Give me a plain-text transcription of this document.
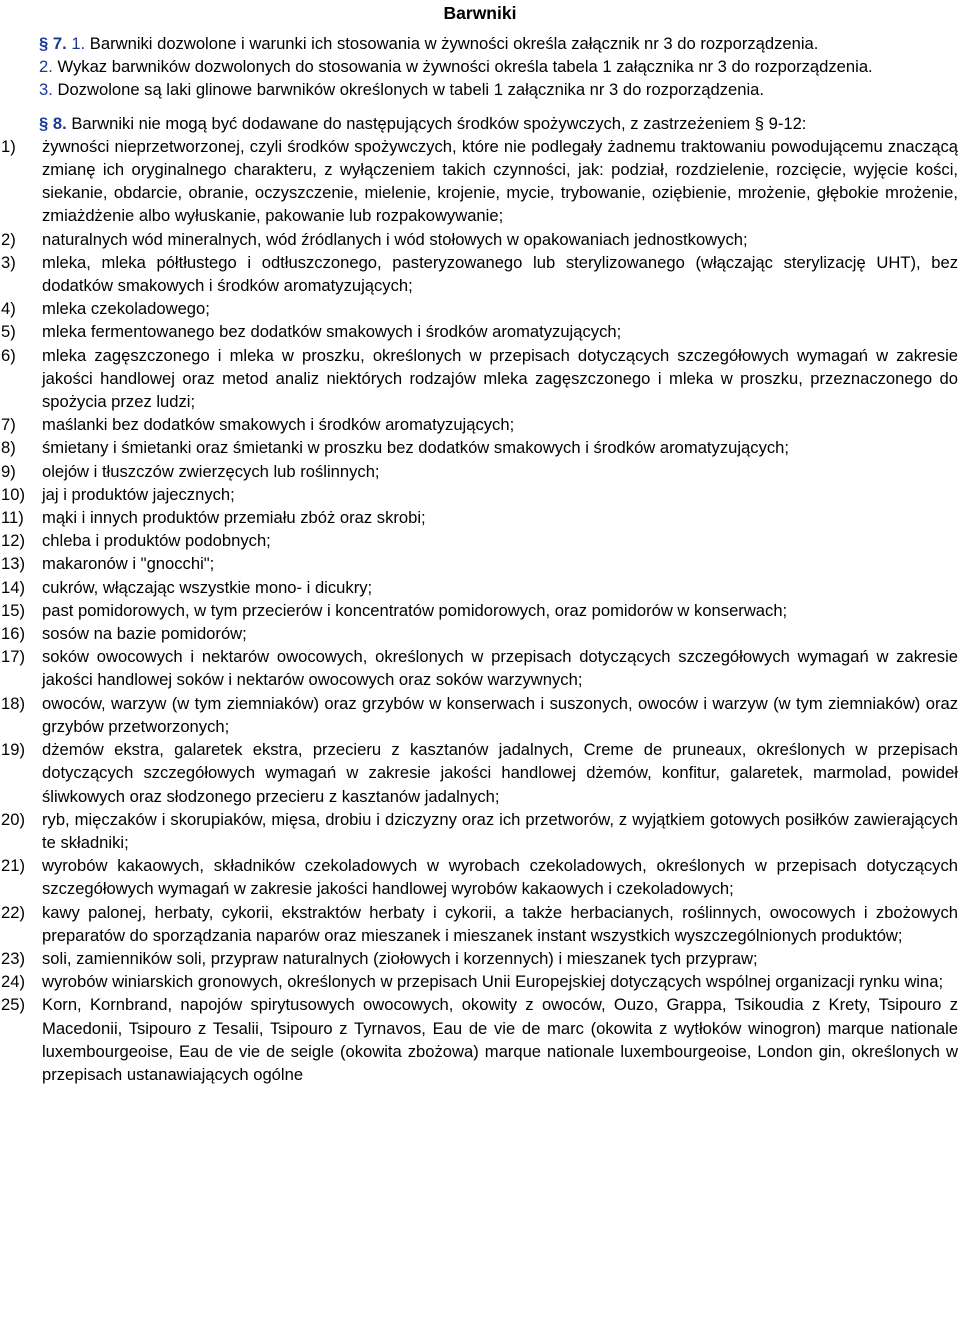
Barwniki

§ 7. 1. Barwniki dozwolone i warunki ich stosowania w żywności określa załącznik nr 3 do rozporządzenia.

2. Wykaz barwników dozwolonych do stosowania w żywności określa tabela 1 załącznika nr 3 do rozporządzenia.

3. Dozwolone są laki glinowe barwników określonych w tabeli 1 załącznika nr 3 do rozporządzenia.

§ 8. Barwniki nie mogą być dodawane do następujących środków spożywczych, z zastrzeżeniem § 9-12:

1)	żywności nieprzetworzonej, czyli środków spożywczych, które nie podlegały żadnemu traktowaniu powodującemu znaczącą zmianę ich oryginalnego charakteru, z wyłączeniem takich czynności, jak: podział, rozdzielenie, rozcięcie, wyjęcie kości, siekanie, obdarcie, obranie, oczyszczenie, mielenie, krojenie, mycie, trybowanie, oziębienie, mrożenie, głębokie mrożenie, zmiażdżenie albo wyłuskanie, pakowanie lub rozpakowywanie;
2)	naturalnych wód mineralnych, wód źródlanych i wód stołowych w opakowaniach jednostkowych;
3)	mleka, mleka półtłustego i odtłuszczonego, pasteryzowanego lub sterylizowanego (włączając sterylizację UHT), bez dodatków smakowych i środków aromatyzujących;
4)	mleka czekoladowego;
5)	mleka fermentowanego bez dodatków smakowych i środków aromatyzujących;
6)	mleka zagęszczonego i mleka w proszku, określonych w przepisach dotyczących szczegółowych wymagań w zakresie jakości handlowej oraz metod analiz niektórych rodzajów mleka zagęszczonego i mleka w proszku, przeznaczonego do spożycia przez ludzi;
7)	maślanki bez dodatków smakowych i środków aromatyzujących;
8)	śmietany i śmietanki oraz śmietanki w proszku bez dodatków smakowych i środków aromatyzujących;
9)	olejów i tłuszczów zwierzęcych lub roślinnych;
10)	jaj i produktów jajecznych;
11)	mąki i innych produktów przemiału zbóż oraz skrobi;
12)	chleba i produktów podobnych;
13)	makaronów i "gnocchi";
14)	cukrów, włączając wszystkie mono- i dicukry;
15)	past pomidorowych, w tym przecierów i koncentratów pomidorowych, oraz pomidorów w konserwach;
16)	sosów na bazie pomidorów;
17)	soków owocowych i nektarów owocowych, określonych w przepisach dotyczących szczegółowych wymagań w zakresie jakości handlowej soków i nektarów owocowych oraz soków warzywnych;
18)	owoców, warzyw (w tym ziemniaków) oraz grzybów w konserwach i suszonych, owoców i warzyw (w tym ziemniaków) oraz grzybów przetworzonych;
19)	dżemów ekstra, galaretek ekstra, przecieru z kasztanów jadalnych, Creme de pruneaux, określonych w przepisach dotyczących szczegółowych wymagań w zakresie jakości handlowej dżemów, konfitur, galaretek, marmolad, powideł śliwkowych oraz słodzonego przecieru z kasztanów jadalnych;
20)	ryb, mięczaków i skorupiaków, mięsa, drobiu i dziczyzny oraz ich przetworów, z wyjątkiem gotowych posiłków zawierających te składniki;
21)	wyrobów kakaowych, składników czekoladowych w wyrobach czekoladowych, określonych w przepisach dotyczących szczegółowych wymagań w zakresie jakości handlowej wyrobów kakaowych i czekoladowych;
22)	kawy palonej, herbaty, cykorii, ekstraktów herbaty i cykorii, a także herbacianych, roślinnych, owocowych i zbożowych preparatów do sporządzania naparów oraz mieszanek i mieszanek instant wszystkich wyszczególnionych produktów;
23)	soli, zamienników soli, przypraw naturalnych (ziołowych i korzennych) i mieszanek tych przypraw;
24)	wyrobów winiarskich gronowych, określonych w przepisach Unii Europejskiej dotyczących wspólnej organizacji rynku wina;
25)	Korn, Kornbrand, napojów spirytusowych owocowych, okowity z owoców, Ouzo, Grappa, Tsikoudia z Krety, Tsipouro z Macedonii, Tsipouro z Tesalii, Tsipouro z Tyrnavos, Eau de vie de marc (okowita z wytłoków winogron) marque nationale luxembourgeoise, Eau de vie de seigle (okowita zbożowa) marque nationale luxembourgeoise, London gin, określonych w przepisach ustanawiających ogólne
